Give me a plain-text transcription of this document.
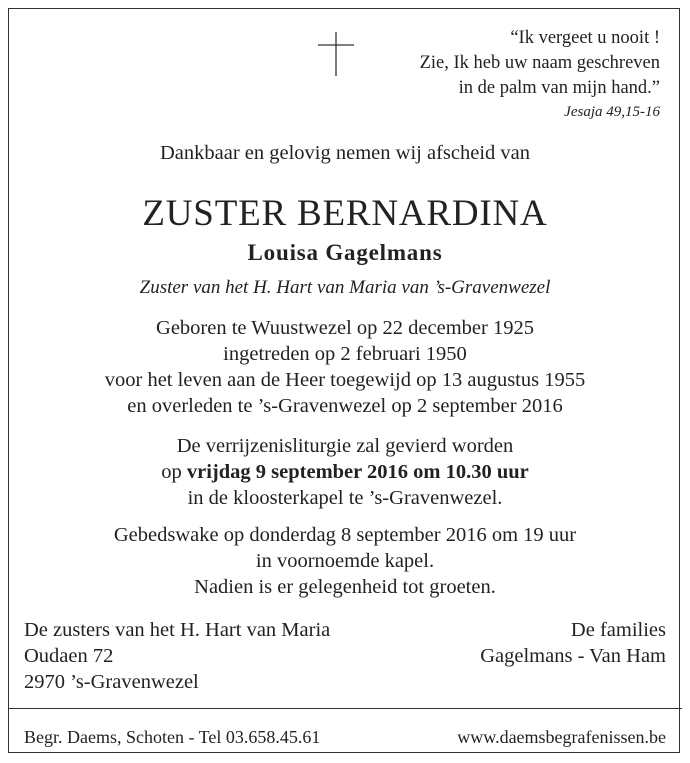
“Ik vergeet u nooit !
Zie, Ik heb uw naam geschreven
in de palm van mijn hand.”
Jesaja 49,15-16
Dankbaar en gelovig nemen wij afscheid van
ZUSTER BERNARDINA
Louisa Gagelmans
Zuster van het H. Hart van Maria van ’s-Gravenwezel
Geboren te Wuustwezel op 22 december 1925
ingetreden op 2 februari 1950
voor het leven aan de Heer toegewijd op 13 augustus 1955
en overleden te ’s-Gravenwezel op 2 september 2016
De verrijzenisliturgie zal gevierd worden
op vrijdag 9 september 2016 om 10.30 uur
in de kloosterkapel te ’s-Gravenwezel.
Gebedswake op donderdag 8 september 2016 om 19 uur
in voornoemde kapel.
Nadien is er gelegenheid tot groeten.
De zusters van het H. Hart van Maria
Oudaen 72
2970 ’s-Gravenwezel
De families
Gagelmans - Van Ham
Begr. Daems, Schoten - Tel 03.658.45.61	www.daemsbegrafenissen.be
